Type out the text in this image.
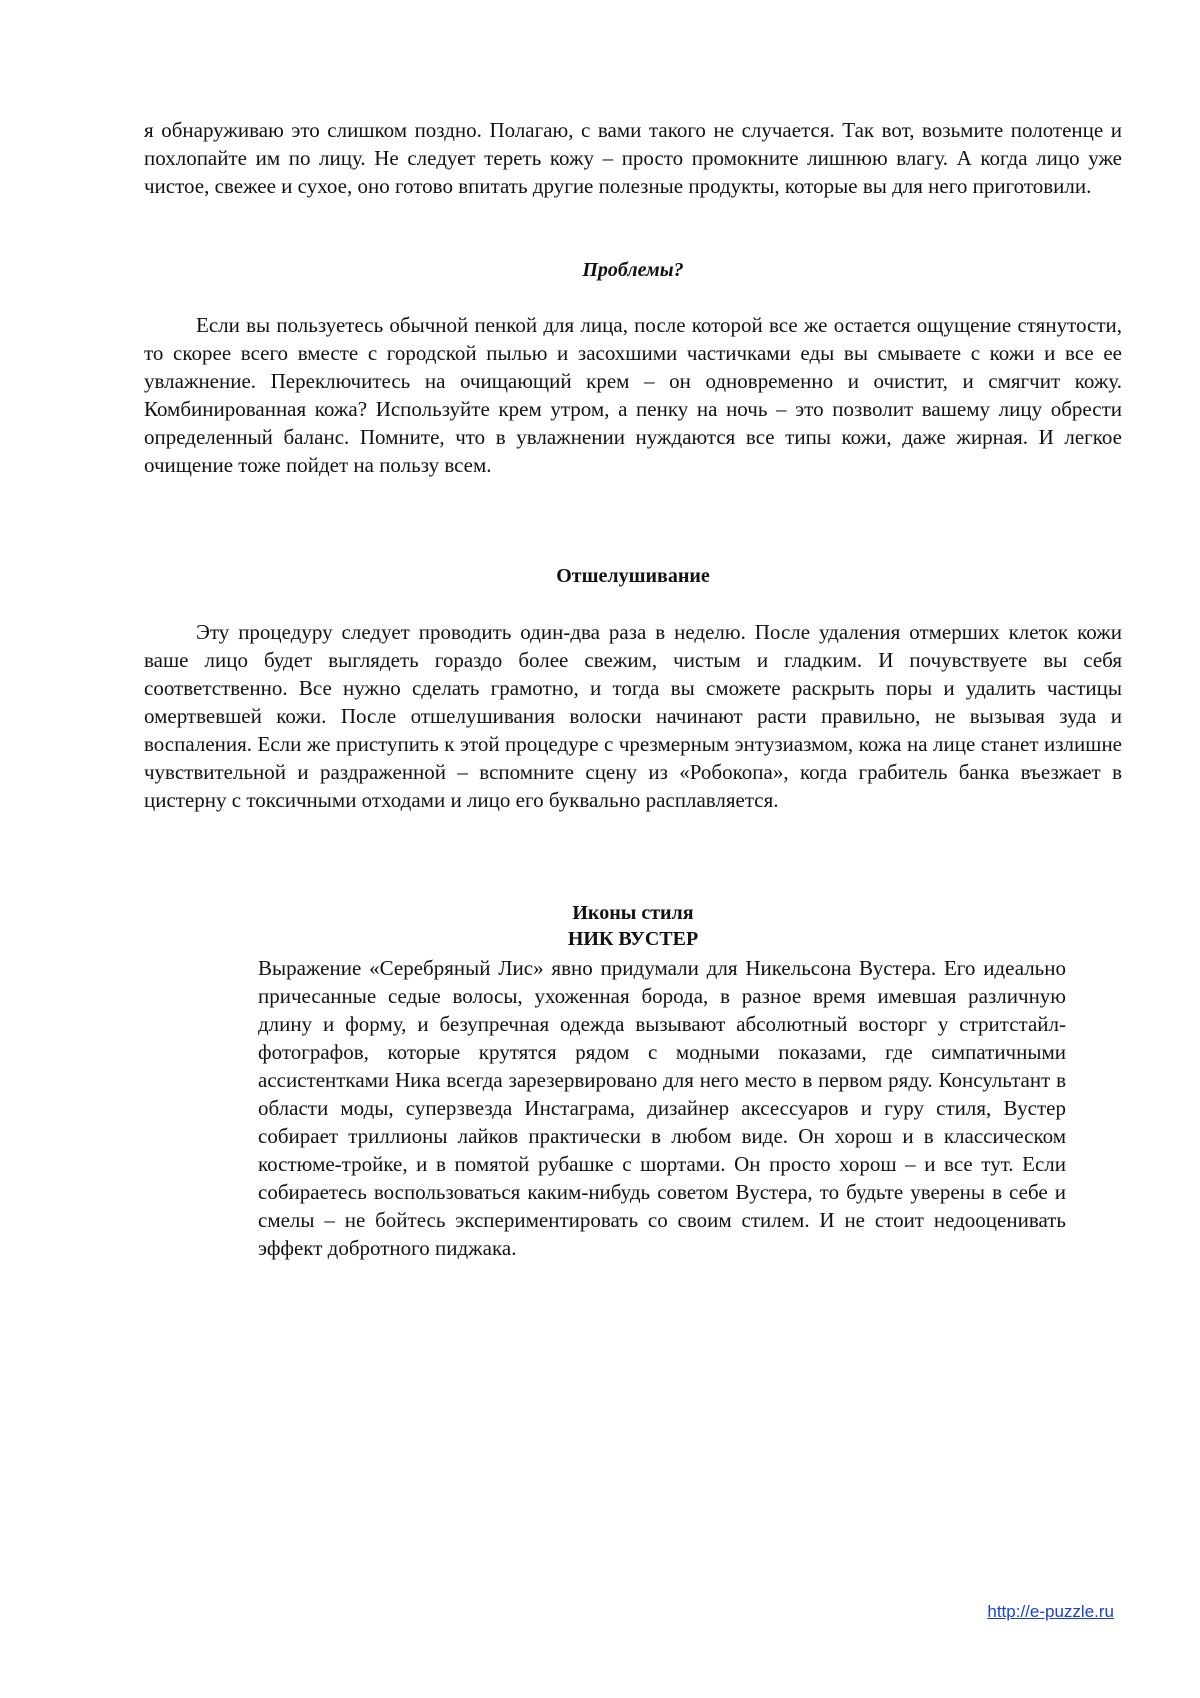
я обнаруживаю это слишком поздно. Полагаю, с вами такого не случается. Так вот, возьмите полотенце и похлопайте им по лицу. Не следует тереть кожу – просто промокните лишнюю влагу. А когда лицо уже чистое, свежее и сухое, оно готово впитать другие полезные продукты, которые вы для него приготовили.

Проблемы?

Если вы пользуетесь обычной пенкой для лица, после которой все же остается ощущение стянутости, то скорее всего вместе с городской пылью и засохшими частичками еды вы смываете с кожи и все ее увлажнение. Переключитесь на очищающий крем – он одновременно и очистит, и смягчит кожу. Комбинированная кожа? Используйте крем утром, а пенку на ночь – это позволит вашему лицу обрести определенный баланс. Помните, что в увлажнении нуждаются все типы кожи, даже жирная. И легкое очищение тоже пойдет на пользу всем.

Отшелушивание

Эту процедуру следует проводить один-два раза в неделю. После удаления отмерших клеток кожи ваше лицо будет выглядеть гораздо более свежим, чистым и гладким. И почувствуете вы себя соответственно. Все нужно сделать грамотно, и тогда вы сможете раскрыть поры и удалить частицы омертвевшей кожи. После отшелушивания волоски начинают расти правильно, не вызывая зуда и воспаления. Если же приступить к этой процедуре с чрезмерным энтузиазмом, кожа на лице станет излишне чувствительной и раздраженной – вспомните сцену из «Робокопа», когда грабитель банка въезжает в цистерну с токсичными отходами и лицо его буквально расплавляется.

Иконы стиля
НИК ВУСТЕР

Выражение «Серебряный Лис» явно придумали для Никельсона Вустера. Его идеально причесанные седые волосы, ухоженная борода, в разное время имевшая различную длину и форму, и безупречная одежда вызывают абсолютный восторг у стритстайл-фотографов, которые крутятся рядом с модными показами, где симпатичными ассистентками Ника всегда зарезервировано для него место в первом ряду. Консультант в области моды, суперзвезда Инстаграма, дизайнер аксессуаров и гуру стиля, Вустер собирает триллионы лайков практически в любом виде. Он хорош и в классическом костюме-тройке, и в помятой рубашке с шортами. Он просто хорош – и все тут. Если собираетесь воспользоваться каким-нибудь советом Вустера, то будьте уверены в себе и смелы – не бойтесь экспериментировать со своим стилем. И не стоит недооценивать эффект добротного пиджака.

http://e-puzzle.ru
